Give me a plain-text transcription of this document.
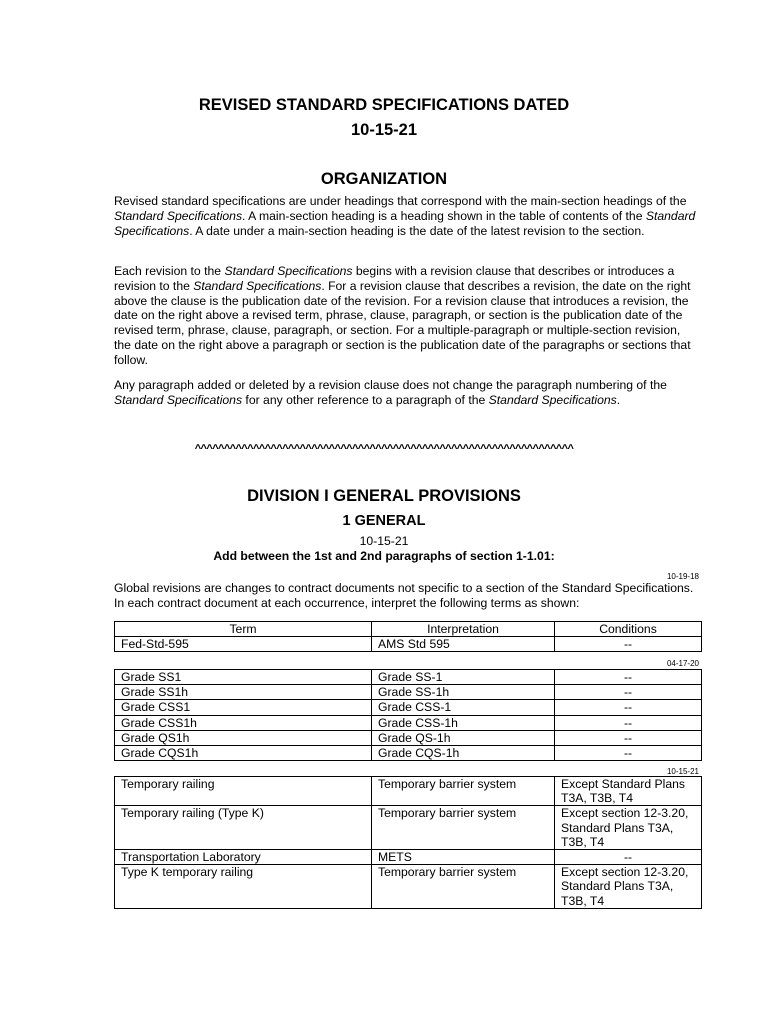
REVISED STANDARD SPECIFICATIONS DATED
10-15-21
ORGANIZATION

Revised standard specifications are under headings that correspond with the main-section headings of the Standard Specifications. A main-section heading is a heading shown in the table of contents of the Standard Specifications. A date under a main-section heading is the date of the latest revision to the section.

Each revision to the Standard Specifications begins with a revision clause that describes or introduces a revision to the Standard Specifications. For a revision clause that describes a revision, the date on the right above the clause is the publication date of the revision. For a revision clause that introduces a revision, the date on the right above a revised term, phrase, clause, paragraph, or section is the publication date of the revised term, phrase, clause, paragraph, or section. For a multiple-paragraph or multiple-section revision, the date on the right above a paragraph or section is the publication date of the paragraphs or sections that follow.

Any paragraph added or deleted by a revision clause does not change the paragraph numbering of the Standard Specifications for any other reference to a paragraph of the Standard Specifications.

^^^^^^^^^^^^^^^^^^^^^^^^^^^^^^^^^^^^^^^^^^^^^^^^^^^^^^^^^^^^^^^^^
DIVISION I GENERAL PROVISIONS
1 GENERAL
10-15-21
Add between the 1st and 2nd paragraphs of section 1-1.01:
10-19-18

Global revisions are changes to contract documents not specific to a section of the Standard Specifications. In each contract document at each occurrence, interpret the following terms as shown:

Term	Interpretation	Conditions
Fed-Std-595	AMS Std 595	--
04-17-20
Grade SS1	Grade SS-1	--
Grade SS1h	Grade SS-1h	--
Grade CSS1	Grade CSS-1	--
Grade CSS1h	Grade CSS-1h	--
Grade QS1h	Grade QS-1h	--
Grade CQS1h	Grade CQS-1h	--
10-15-21
Temporary railing	Temporary barrier system	Except Standard Plans T3A, T3B, T4
Temporary railing (Type K)	Temporary barrier system	Except section 12-3.20, Standard Plans T3A, T3B, T4
Transportation Laboratory	METS	--
Type K temporary railing	Temporary barrier system	Except section 12-3.20, Standard Plans T3A, T3B, T4
